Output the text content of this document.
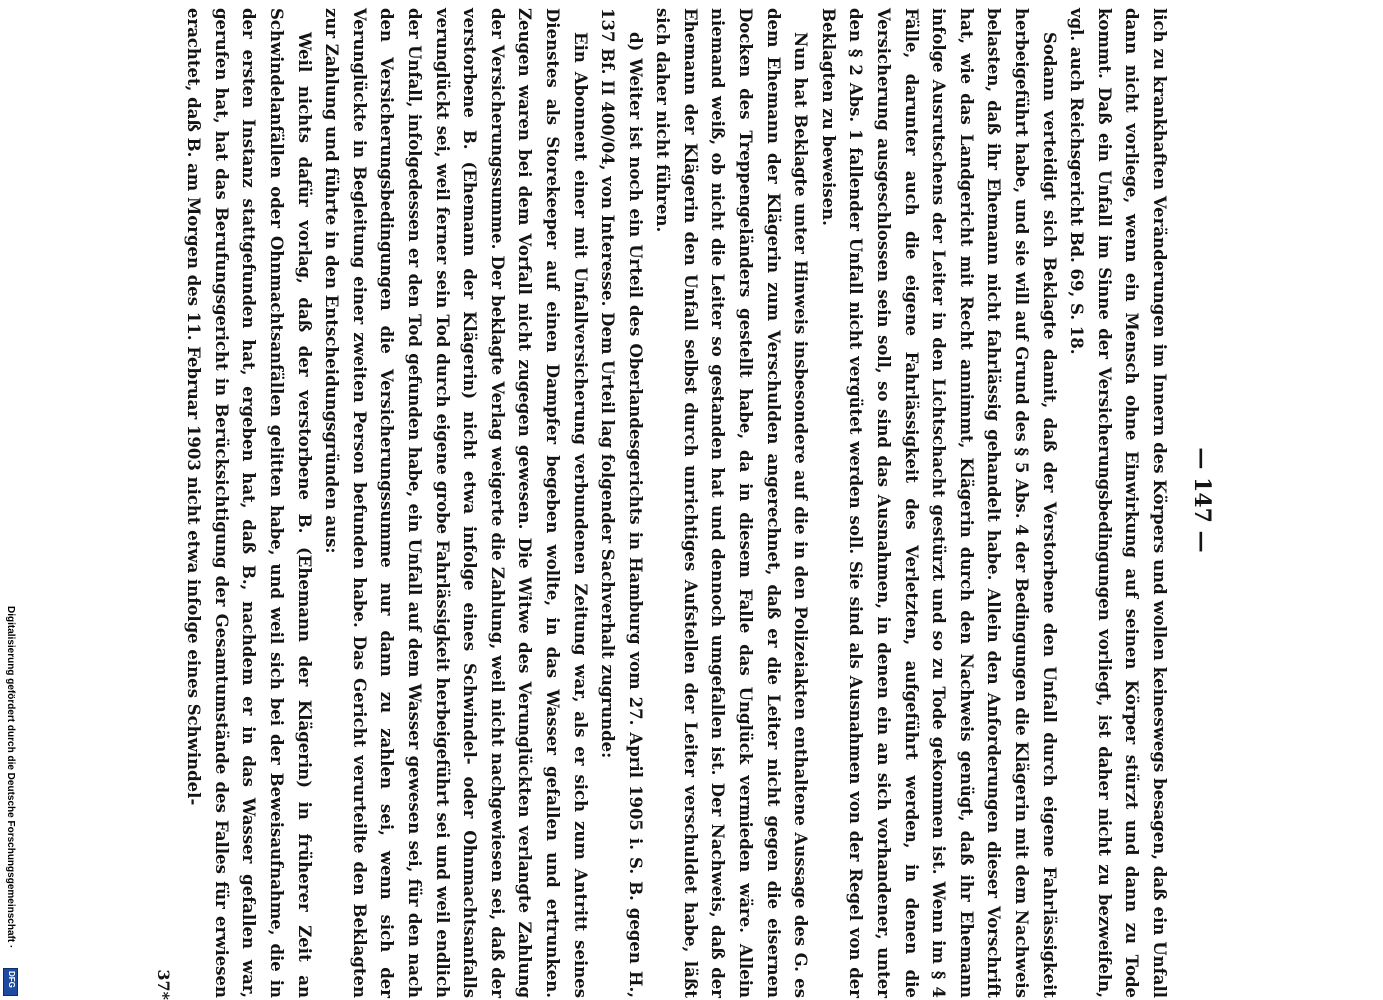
— 147 —

lich zu krankhaften Veränderungen im Innern des Körpers und wollen keineswegs besagen, daß ein Unfall dann nicht vorliege, wenn ein Mensch ohne Einwirkung auf seinen Körper stürzt und dann zu Tode kommt. Daß ein Unfall im Sinne der Versicherungsbedingungen vorliegt, ist daher nicht zu bezweifeln, vgl. auch Reichsgericht Bd. 69, S. 18.

Sodann verteidigt sich Beklagte damit, daß der Verstorbene den Unfall durch eigene Fahrlässigkeit herbeigeführt habe, und sie will auf Grund des § 5 Abs. 4 der Bedingungen die Klägerin mit dem Nachweis belasten, daß ihr Ehemann nicht fahrlässig gehandelt habe. Allein den Anforderungen dieser Vorschrift hat, wie das Landgericht mit Recht annimmt, Klägerin durch den Nachweis genügt, daß ihr Ehemann infolge Ausrutschens der Leiter in den Lichtschacht gestürzt und so zu Tode gekommen ist. Wenn im § 4 Fälle, darunter auch die eigene Fahrlässigkeit des Verletzten, aufgeführt werden, in denen die Versicherung ausgeschlossen sein soll, so sind das Ausnahmen, in denen ein an sich vorhandener, unter den § 2 Abs. 1 fallender Unfall nicht vergütet werden soll. Sie sind als Ausnahmen von der Regel von der Beklagten zu beweisen.

Nun hat Beklagte unter Hinweis insbesondere auf die in den Polizeiakten enthaltene Aussage des G. es dem Ehemann der Klägerin zum Verschulden angerechnet, daß er die Leiter nicht gegen die eisernen Docken des Treppengeländers gestellt habe, da in diesem Falle das Unglück vermieden wäre. Allein niemand weiß, ob nicht die Leiter so gestanden hat und dennoch umgefallen ist. Der Nachweis, daß der Ehemann der Klägerin den Unfall selbst durch unrichtiges Aufstellen der Leiter verschuldet habe, läßt sich daher nicht führen.

d) Weiter ist noch ein Urteil des Oberlandesgerichts in Hamburg vom 27. April 1905 i. S. B. gegen H., 137 Bf. II 400/04, von Interesse. Dem Urteil lag folgender Sachverhalt zugrunde:

Ein Abonnent einer mit Unfallversicherung verbundenen Zeitung war, als er sich zum Antritt seines Dienstes als Storekeeper auf einen Dampfer begeben wollte, in das Wasser gefallen und ertrunken. Zeugen waren bei dem Vorfall nicht zugegen gewesen. Die Witwe des Verunglückten verlangte Zahlung der Versicherungssumme. Der beklagte Verlag weigerte die Zahlung, weil nicht nachgewiesen sei, daß der verstorbene B. (Ehemann der Klägerin) nicht etwa infolge eines Schwindel- oder Ohnmachtsanfalls verunglückt sei, weil ferner sein Tod durch eigene grobe Fahrlässigkeit herbeigeführt sei und weil endlich der Unfall, infolgedessen er den Tod gefunden habe, ein Unfall auf dem Wasser gewesen sei, für den nach den Versicherungsbedingungen die Versicherungssumme nur dann zu zahlen sei, wenn sich der Verunglückte in Begleitung einer zweiten Person befunden habe. Das Gericht verurteilte den Beklagten zur Zahlung und führte in den Entscheidungsgründen aus:

Weil nichts dafür vorlag, daß der verstorbene B. (Ehemann der Klägerin) in früherer Zeit an Schwindelanfällen oder Ohnmachtsanfällen gelitten habe, und weil sich bei der Beweisaufnahme, die in der ersten Instanz stattgefunden hat, ergeben hat, daß B., nachdem er in das Wasser gefallen war, gerufen hat, hat das Berufungsgericht in Berücksichtigung der Gesamtumstände des Falles für erwiesen erachtet, daß B. am Morgen des 11. Februar 1903 nicht etwa infolge eines Schwindel-

37*
Digitalisierung gefördert durch die Deutsche Forschungsgemeinschaft ·
DFG
